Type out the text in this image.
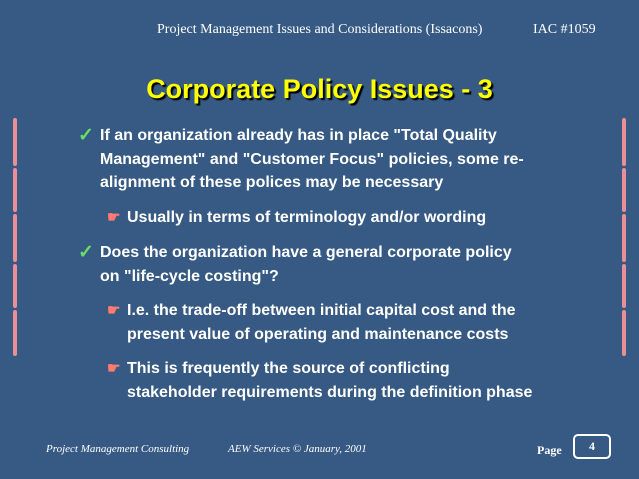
Project Management Issues and Considerations (Issacons)	IAC #1059
Corporate Policy Issues - 3
✓ If an organization already has in place "Total Quality
Management" and "Customer Focus" policies, some re-
alignment of these polices may be necessary
☛ Usually in terms of terminology and/or wording
✓ Does the organization have a general corporate policy
on "life-cycle costing"?
☛ I.e. the trade-off between initial capital cost and the
present value of operating and maintenance costs
☛ This is frequently the source of conflicting
stakeholder requirements during the definition phase
Project Management Consulting	AEW Services © January, 2001	Page	4
